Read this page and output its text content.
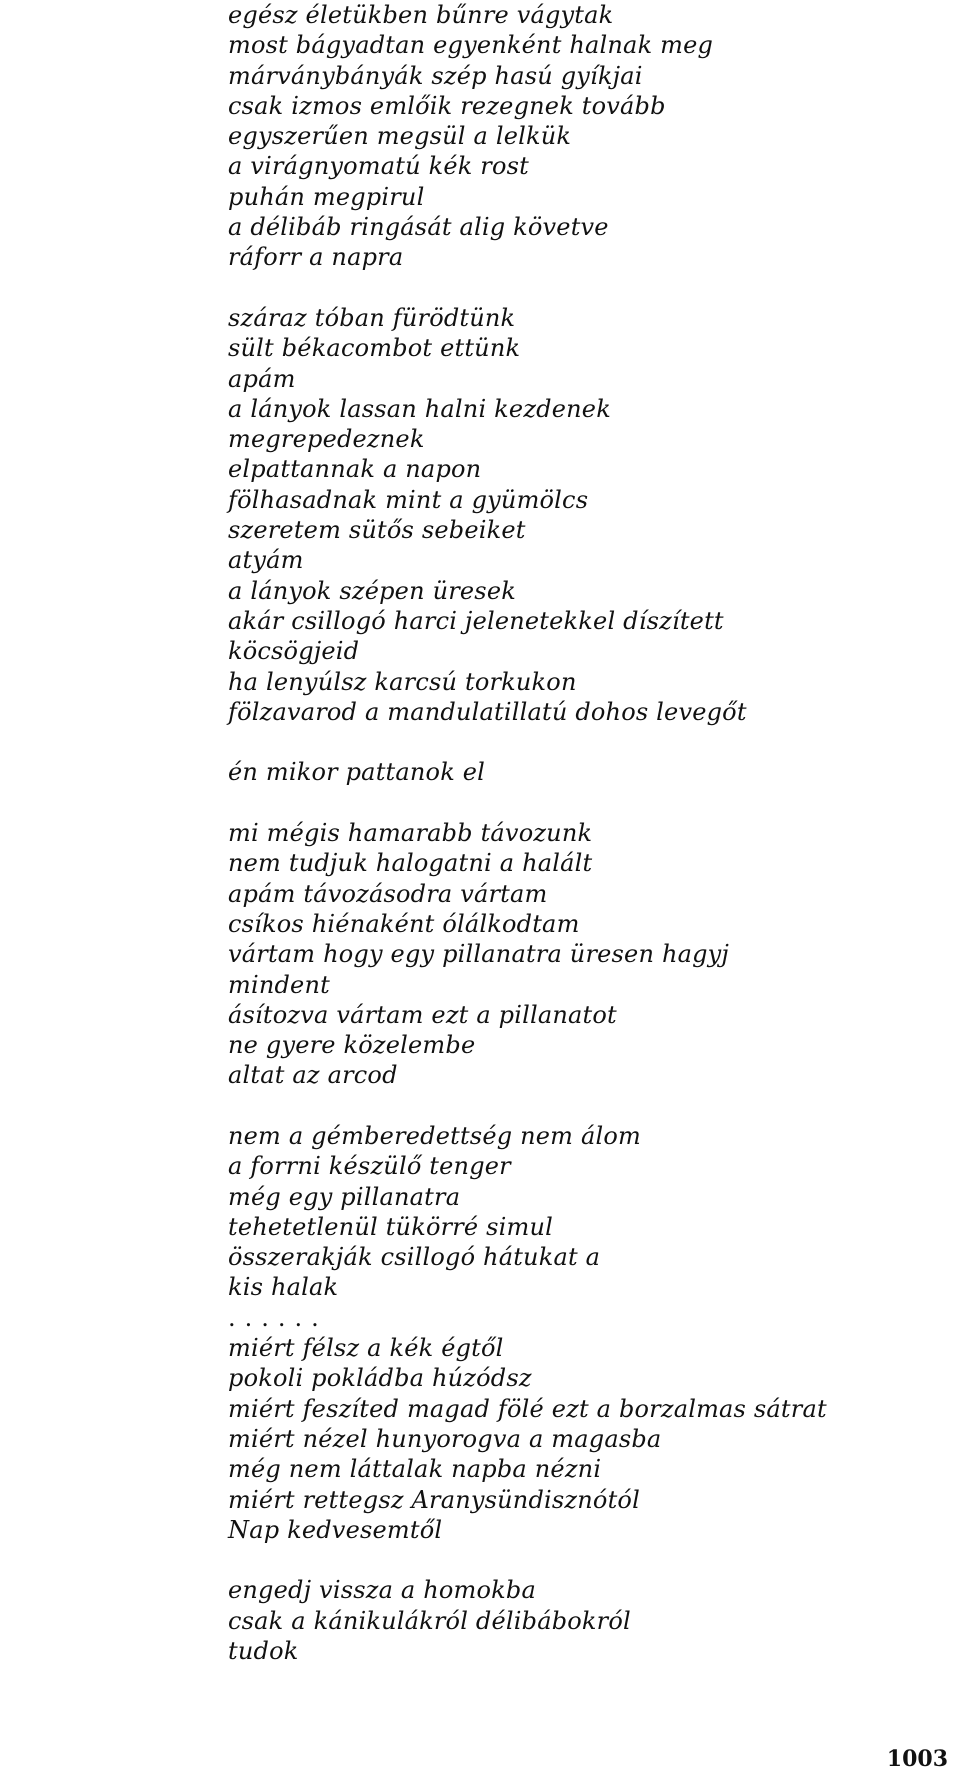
egész életükben bűnre vágytak
most bágyadtan egyenként halnak meg
márványbányák szép hasú gyíkjai
csak izmos emlőik rezegnek tovább
egyszerűen megsül a lelkük
a virágnyomatú kék rost
puhán megpirul
a délibáb ringását alig követve
ráforr a napra
száraz tóban fürödtünk
sült békacombot ettünk
apám
a lányok lassan halni kezdenek
megrepedeznek
elpattannak a napon
fölhasadnak mint a gyümölcs
szeretem sütős sebeiket
atyám
a lányok szépen üresek
akár csillogó harci jelenetekkel díszített
köcsögjeid
ha lenyúlsz karcsú torkukon
fölzavarod a mandulatillatú dohos levegőt
én mikor pattanok el
mi mégis hamarabb távozunk
nem tudjuk halogatni a halált
apám távozásodra vártam
csíkos hiénaként ólálkodtam
vártam hogy egy pillanatra üresen hagyj
mindent
ásítozva vártam ezt a pillanatot
ne gyere közelembe
altat az arcod
nem a gémberedettség nem álom
a forrni készülő tenger
még egy pillanatra
tehetetlenül tükörré simul
összerakják csillogó hátukat a
kis halak
......
miért félsz a kék égtől
pokoli pokládba húzódsz
miért feszíted magad fölé ezt a borzalmas sátrat
miért nézel hunyorogva a magasba
még nem láttalak napba nézni
miért rettegsz Aranysündisznótól
Nap kedvesemtől
engedj vissza a homokba
csak a kánikulákról délibábokról
tudok
1003
